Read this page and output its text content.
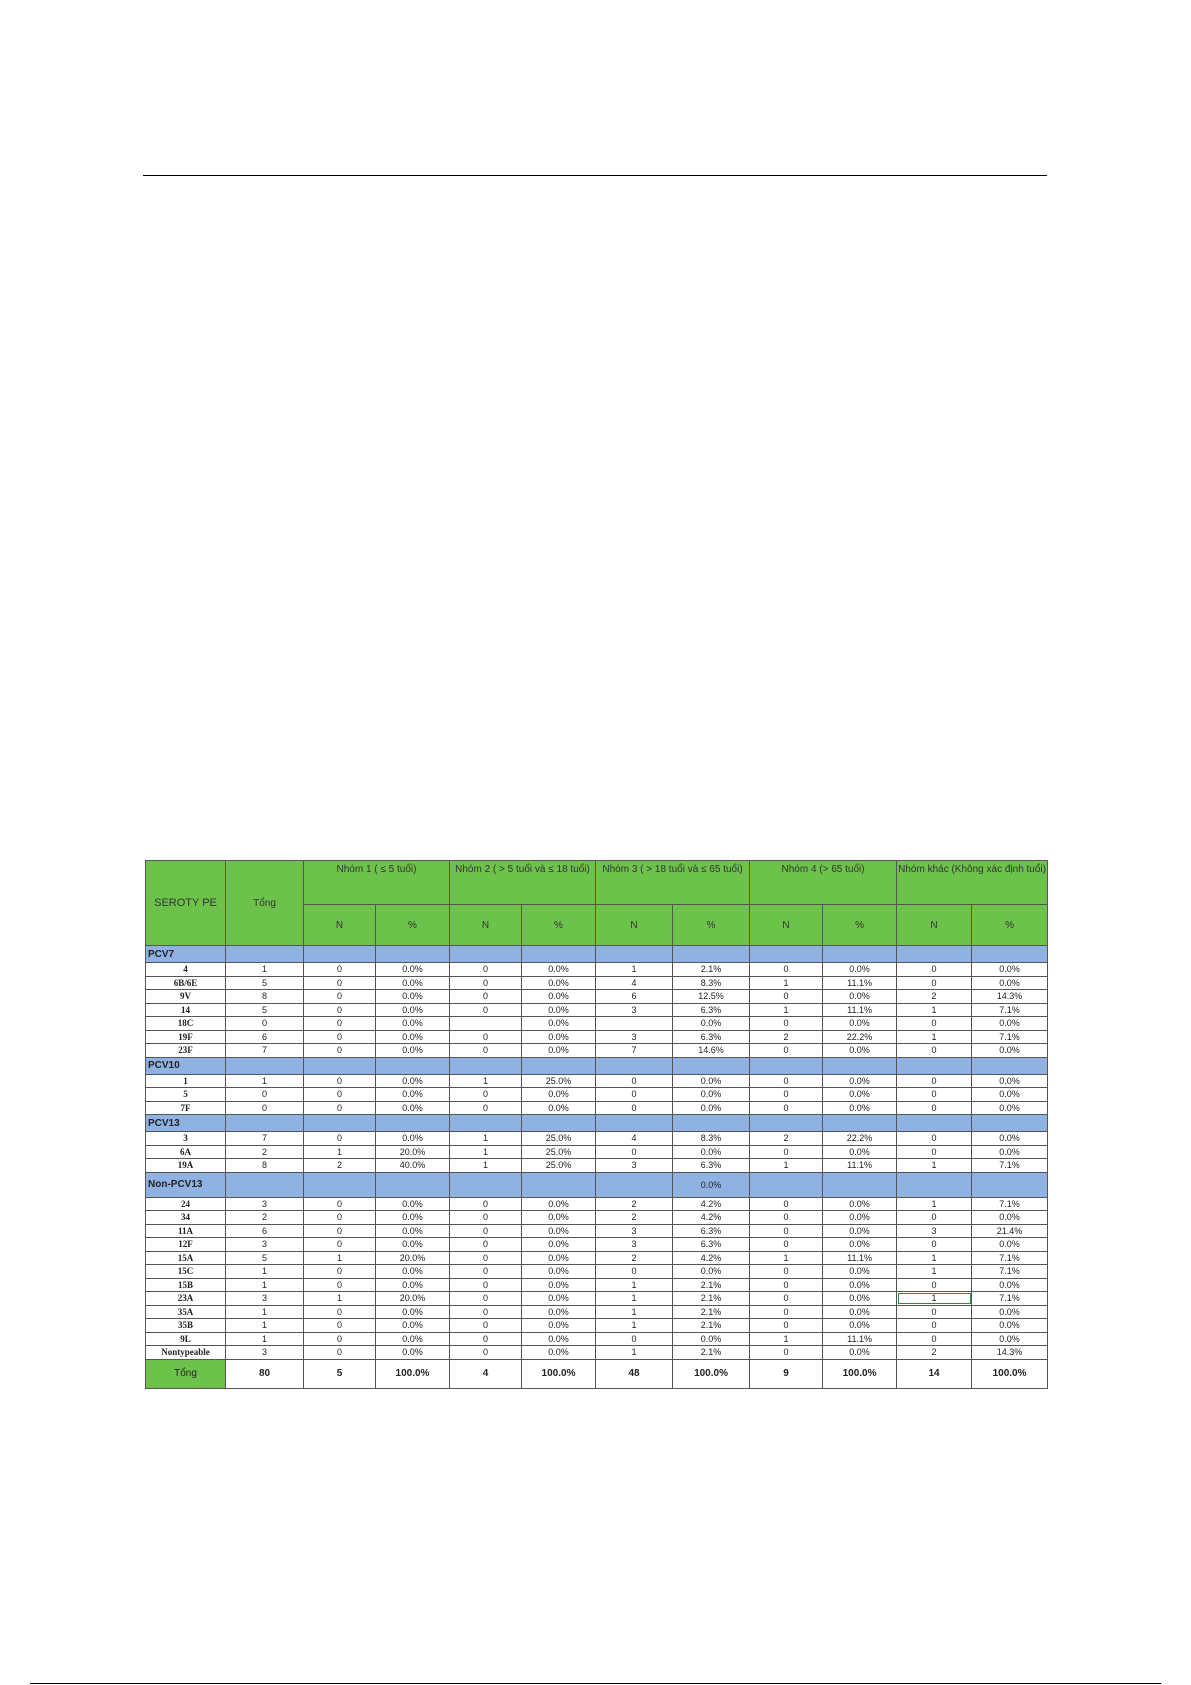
SEROTY PE	Tổng	Nhóm 1 ( ≤ 5 tuổi)		Nhóm 2 ( > 5 tuổi và ≤ 18 tuổi)		Nhóm 3 ( > 18 tuổi và ≤ 65 tuổi)		Nhóm 4 (> 65 tuổi)		Nhóm khác (Không xác định tuổi)	
		N	%	N	%	N	%	N	%	N	%
PCV7											
4	1	0	0.0%	0	0.0%	1	2.1%	0	0.0%	0	0.0%
6B/6E	5	0	0.0%	0	0.0%	4	8.3%	1	11.1%	0	0.0%
9V	8	0	0.0%	0	0.0%	6	12.5%	0	0.0%	2	14.3%
14	5	0	0.0%	0	0.0%	3	6.3%	1	11.1%	1	7.1%
18C	0	0	0.0%		0.0%		0.0%	0	0.0%	0	0.0%
19F	6	0	0.0%	0	0.0%	3	6.3%	2	22.2%	1	7.1%
23F	7	0	0.0%	0	0.0%	7	14.6%	0	0.0%	0	0.0%
PCV10											
1	1	0	0.0%	1	25.0%	0	0.0%	0	0.0%	0	0.0%
5	0	0	0.0%	0	0.0%	0	0.0%	0	0.0%	0	0.0%
7F	0	0	0.0%	0	0.0%	0	0.0%	0	0.0%	0	0.0%
PCV13											
3	7	0	0.0%	1	25.0%	4	8.3%	2	22.2%	0	0.0%
6A	2	1	20.0%	1	25.0%	0	0.0%	0	0.0%	0	0.0%
19A	8	2	40.0%	1	25.0%	3	6.3%	1	11.1%	1	7.1%
Non-PCV13							0.0%				
24	3	0	0.0%	0	0.0%	2	4.2%	0	0.0%	1	7.1%
34	2	0	0.0%	0	0.0%	2	4.2%	0	0.0%	0	0.0%
11A	6	0	0.0%	0	0.0%	3	6.3%	0	0.0%	3	21.4%
12F	3	0	0.0%	0	0.0%	3	6.3%	0	0.0%	0	0.0%
15A	5	1	20.0%	0	0.0%	2	4.2%	1	11.1%	1	7.1%
15C	1	0	0.0%	0	0.0%	0	0.0%	0	0.0%	1	7.1%
15B	1	0	0.0%	0	0.0%	1	2.1%	0	0.0%	0	0.0%
23A	3	1	20.0%	0	0.0%	1	2.1%	0	0.0%	1	7.1%
35A	1	0	0.0%	0	0.0%	1	2.1%	0	0.0%	0	0.0%
35B	1	0	0.0%	0	0.0%	1	2.1%	0	0.0%	0	0.0%
9L	1	0	0.0%	0	0.0%	0	0.0%	1	11.1%	0	0.0%
Nontypeable	3	0	0.0%	0	0.0%	1	2.1%	0	0.0%	2	14.3%
Tổng	80	5	100.0%	4	100.0%	48	100.0%	9	100.0%	14	100.0%
